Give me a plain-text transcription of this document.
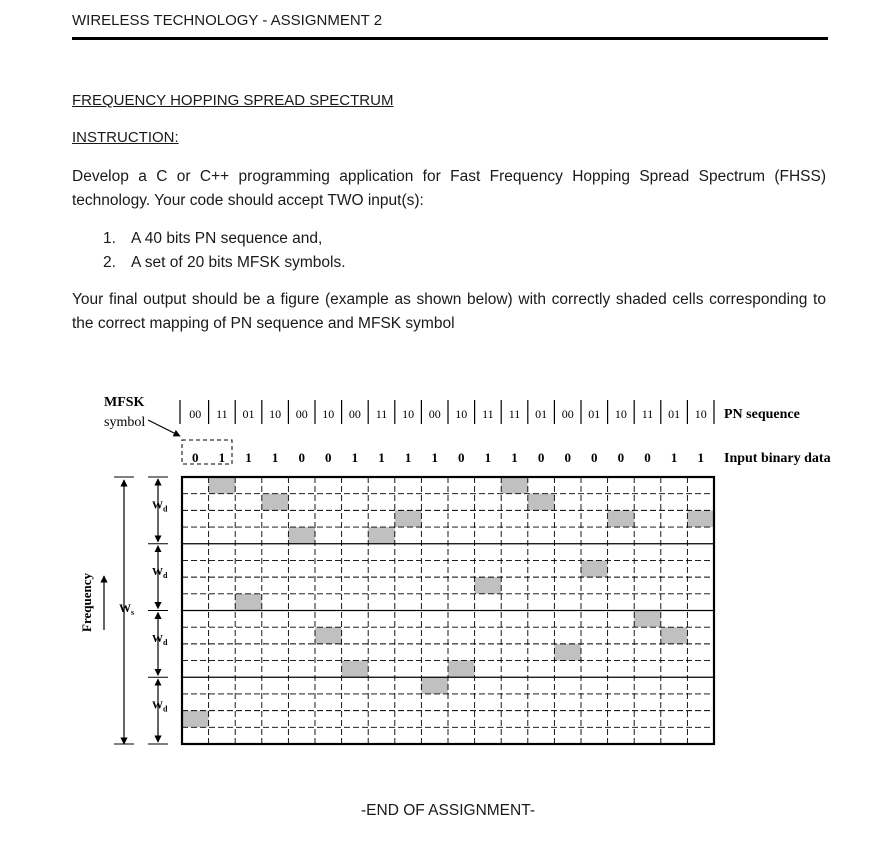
WIRELESS TECHNOLOGY - ASSIGNMENT 2
FREQUENCY HOPPING SPREAD SPECTRUM
INSTRUCTION:
Develop a C or C++ programming application for Fast Frequency Hopping Spread Spectrum (FHSS) technology. Your code should accept TWO input(s):
1. A 40 bits PN sequence and,
2. A set of 20 bits MFSK symbols.
Your final output should be a figure (example as shown below) with correctly shaded cells corresponding to the correct mapping of PN sequence and MFSK symbol
MFSK
symbol
00 11 01 10 00 10 00 11 10 00 10 11 11 01 00 01 10 11 01 10 PN sequence
0 1 1 1 0 0 1 1 1 1 0 1 1 0 0 0 0 0 1 1 Input binary data
Frequency $W_s$
$W_d$
$W_d$
$W_d$
$W_d$
-END OF ASSIGNMENT-
